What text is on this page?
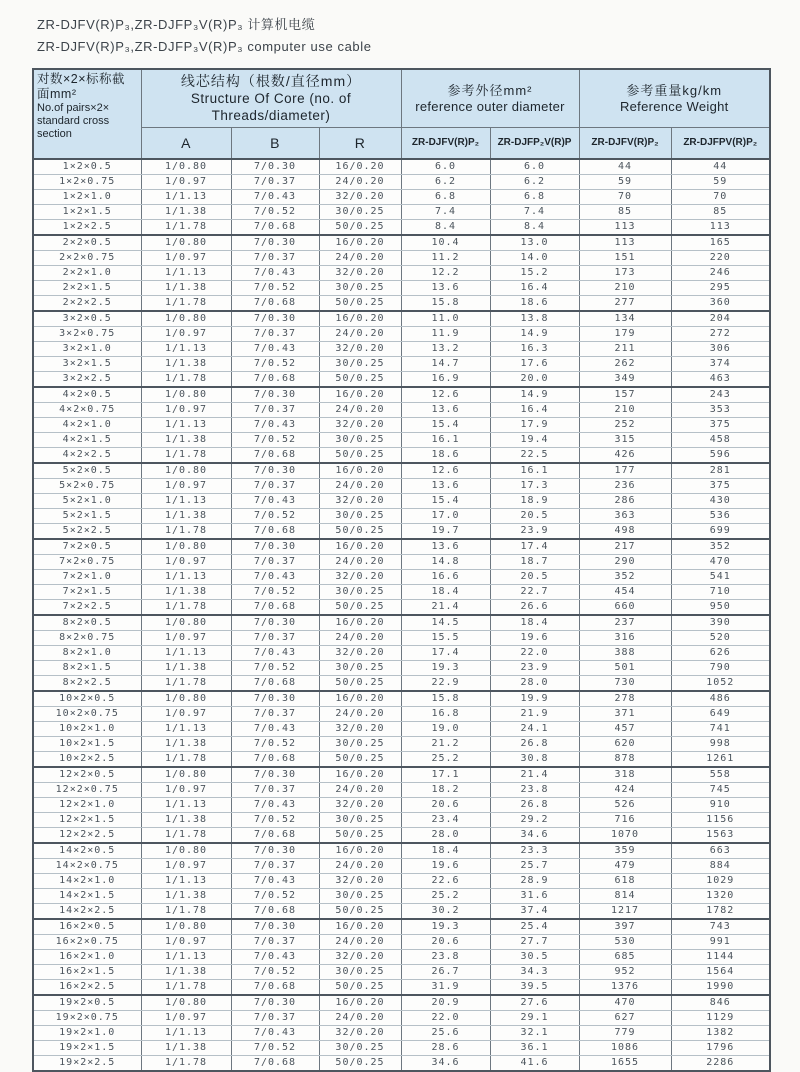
ZR-DJFV(R)P₃,ZR-DJFP₃V(R)P₃ 计算机电缆
ZR-DJFV(R)P₃,ZR-DJFP₃V(R)P₃ computer use cable
对数×2×标称截面mm²
No.of pairs×2× standard cross section

线芯结构（根数/直径mm）
Structure Of Core (no. of Threads/diameter)

参考外径mm²
reference outer diameter

参考重量kg/km
Reference Weight

	A	B	R	ZR-DJFV(R)P₂	ZR-DJFP₂V(R)P	ZR-DJFV(R)P₂	ZR-DJFPV(R)P₂
1×2×0.5	1/0.80	7/0.30	16/0.20	6.0	6.0	44	44
1×2×0.75	1/0.97	7/0.37	24/0.20	6.2	6.2	59	59
1×2×1.0	1/1.13	7/0.43	32/0.20	6.8	6.8	70	70
1×2×1.5	1/1.38	7/0.52	30/0.25	7.4	7.4	85	85
1×2×2.5	1/1.78	7/0.68	50/0.25	8.4	8.4	113	113
2×2×0.5	1/0.80	7/0.30	16/0.20	10.4	13.0	113	165
2×2×0.75	1/0.97	7/0.37	24/0.20	11.2	14.0	151	220
2×2×1.0	1/1.13	7/0.43	32/0.20	12.2	15.2	173	246
2×2×1.5	1/1.38	7/0.52	30/0.25	13.6	16.4	210	295
2×2×2.5	1/1.78	7/0.68	50/0.25	15.8	18.6	277	360
3×2×0.5	1/0.80	7/0.30	16/0.20	11.0	13.8	134	204
3×2×0.75	1/0.97	7/0.37	24/0.20	11.9	14.9	179	272
3×2×1.0	1/1.13	7/0.43	32/0.20	13.2	16.3	211	306
3×2×1.5	1/1.38	7/0.52	30/0.25	14.7	17.6	262	374
3×2×2.5	1/1.78	7/0.68	50/0.25	16.9	20.0	349	463
4×2×0.5	1/0.80	7/0.30	16/0.20	12.6	14.9	157	243
4×2×0.75	1/0.97	7/0.37	24/0.20	13.6	16.4	210	353
4×2×1.0	1/1.13	7/0.43	32/0.20	15.4	17.9	252	375
4×2×1.5	1/1.38	7/0.52	30/0.25	16.1	19.4	315	458
4×2×2.5	1/1.78	7/0.68	50/0.25	18.6	22.5	426	596
5×2×0.5	1/0.80	7/0.30	16/0.20	12.6	16.1	177	281
5×2×0.75	1/0.97	7/0.37	24/0.20	13.6	17.3	236	375
5×2×1.0	1/1.13	7/0.43	32/0.20	15.4	18.9	286	430
5×2×1.5	1/1.38	7/0.52	30/0.25	17.0	20.5	363	536
5×2×2.5	1/1.78	7/0.68	50/0.25	19.7	23.9	498	699
7×2×0.5	1/0.80	7/0.30	16/0.20	13.6	17.4	217	352
7×2×0.75	1/0.97	7/0.37	24/0.20	14.8	18.7	290	470
7×2×1.0	1/1.13	7/0.43	32/0.20	16.6	20.5	352	541
7×2×1.5	1/1.38	7/0.52	30/0.25	18.4	22.7	454	710
7×2×2.5	1/1.78	7/0.68	50/0.25	21.4	26.6	660	950
8×2×0.5	1/0.80	7/0.30	16/0.20	14.5	18.4	237	390
8×2×0.75	1/0.97	7/0.37	24/0.20	15.5	19.6	316	520
8×2×1.0	1/1.13	7/0.43	32/0.20	17.4	22.0	388	626
8×2×1.5	1/1.38	7/0.52	30/0.25	19.3	23.9	501	790
8×2×2.5	1/1.78	7/0.68	50/0.25	22.9	28.0	730	1052
10×2×0.5	1/0.80	7/0.30	16/0.20	15.8	19.9	278	486
10×2×0.75	1/0.97	7/0.37	24/0.20	16.8	21.9	371	649
10×2×1.0	1/1.13	7/0.43	32/0.20	19.0	24.1	457	741
10×2×1.5	1/1.38	7/0.52	30/0.25	21.2	26.8	620	998
10×2×2.5	1/1.78	7/0.68	50/0.25	25.2	30.8	878	1261
12×2×0.5	1/0.80	7/0.30	16/0.20	17.1	21.4	318	558
12×2×0.75	1/0.97	7/0.37	24/0.20	18.2	23.8	424	745
12×2×1.0	1/1.13	7/0.43	32/0.20	20.6	26.8	526	910
12×2×1.5	1/1.38	7/0.52	30/0.25	23.4	29.2	716	1156
12×2×2.5	1/1.78	7/0.68	50/0.25	28.0	34.6	1070	1563
14×2×0.5	1/0.80	7/0.30	16/0.20	18.4	23.3	359	663
14×2×0.75	1/0.97	7/0.37	24/0.20	19.6	25.7	479	884
14×2×1.0	1/1.13	7/0.43	32/0.20	22.6	28.9	618	1029
14×2×1.5	1/1.38	7/0.52	30/0.25	25.2	31.6	814	1320
14×2×2.5	1/1.78	7/0.68	50/0.25	30.2	37.4	1217	1782
16×2×0.5	1/0.80	7/0.30	16/0.20	19.3	25.4	397	743
16×2×0.75	1/0.97	7/0.37	24/0.20	20.6	27.7	530	991
16×2×1.0	1/1.13	7/0.43	32/0.20	23.8	30.5	685	1144
16×2×1.5	1/1.38	7/0.52	30/0.25	26.7	34.3	952	1564
16×2×2.5	1/1.78	7/0.68	50/0.25	31.9	39.5	1376	1990
19×2×0.5	1/0.80	7/0.30	16/0.20	20.9	27.6	470	846
19×2×0.75	1/0.97	7/0.37	24/0.20	22.0	29.1	627	1129
19×2×1.0	1/1.13	7/0.43	32/0.20	25.6	32.1	779	1382
19×2×1.5	1/1.38	7/0.52	30/0.25	28.6	36.1	1086	1796
19×2×2.5	1/1.78	7/0.68	50/0.25	34.6	41.6	1655	2286
